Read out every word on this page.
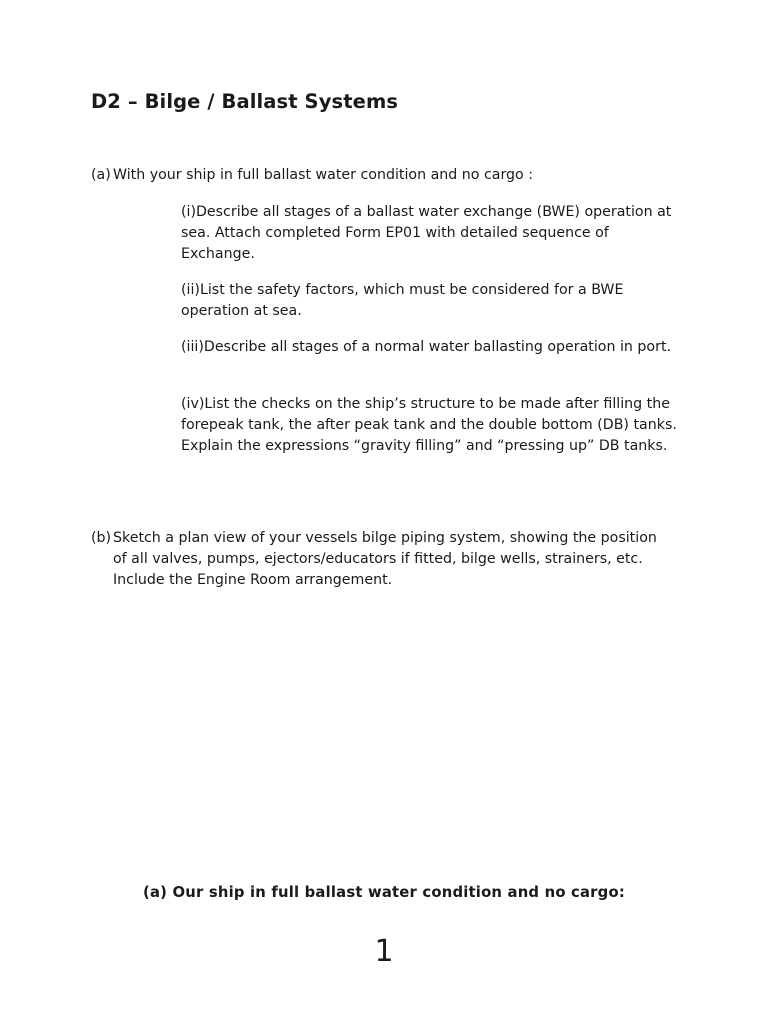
D2 – Bilge / Ballast Systems
(a) With your ship in full ballast water condition and no cargo :

(i)Describe all stages of a ballast water exchange (BWE) operation at sea. Attach completed Form EP01 with detailed sequence of Exchange.

(ii)List the safety factors, which must be considered for a BWE operation at sea.

(iii)Describe all stages of a normal water ballasting operation in port.

(iv)List the checks on the ship’s structure to be made after filling the forepeak tank, the after peak tank and the double bottom (DB) tanks. Explain the expressions “gravity filling” and “pressing up” DB tanks.

(b) Sketch a plan view of your vessels bilge piping system, showing the position of all valves, pumps, ejectors/educators if fitted, bilge wells, strainers, etc. Include the Engine Room arrangement.
(a) Our ship in full ballast water condition and no cargo:
1
